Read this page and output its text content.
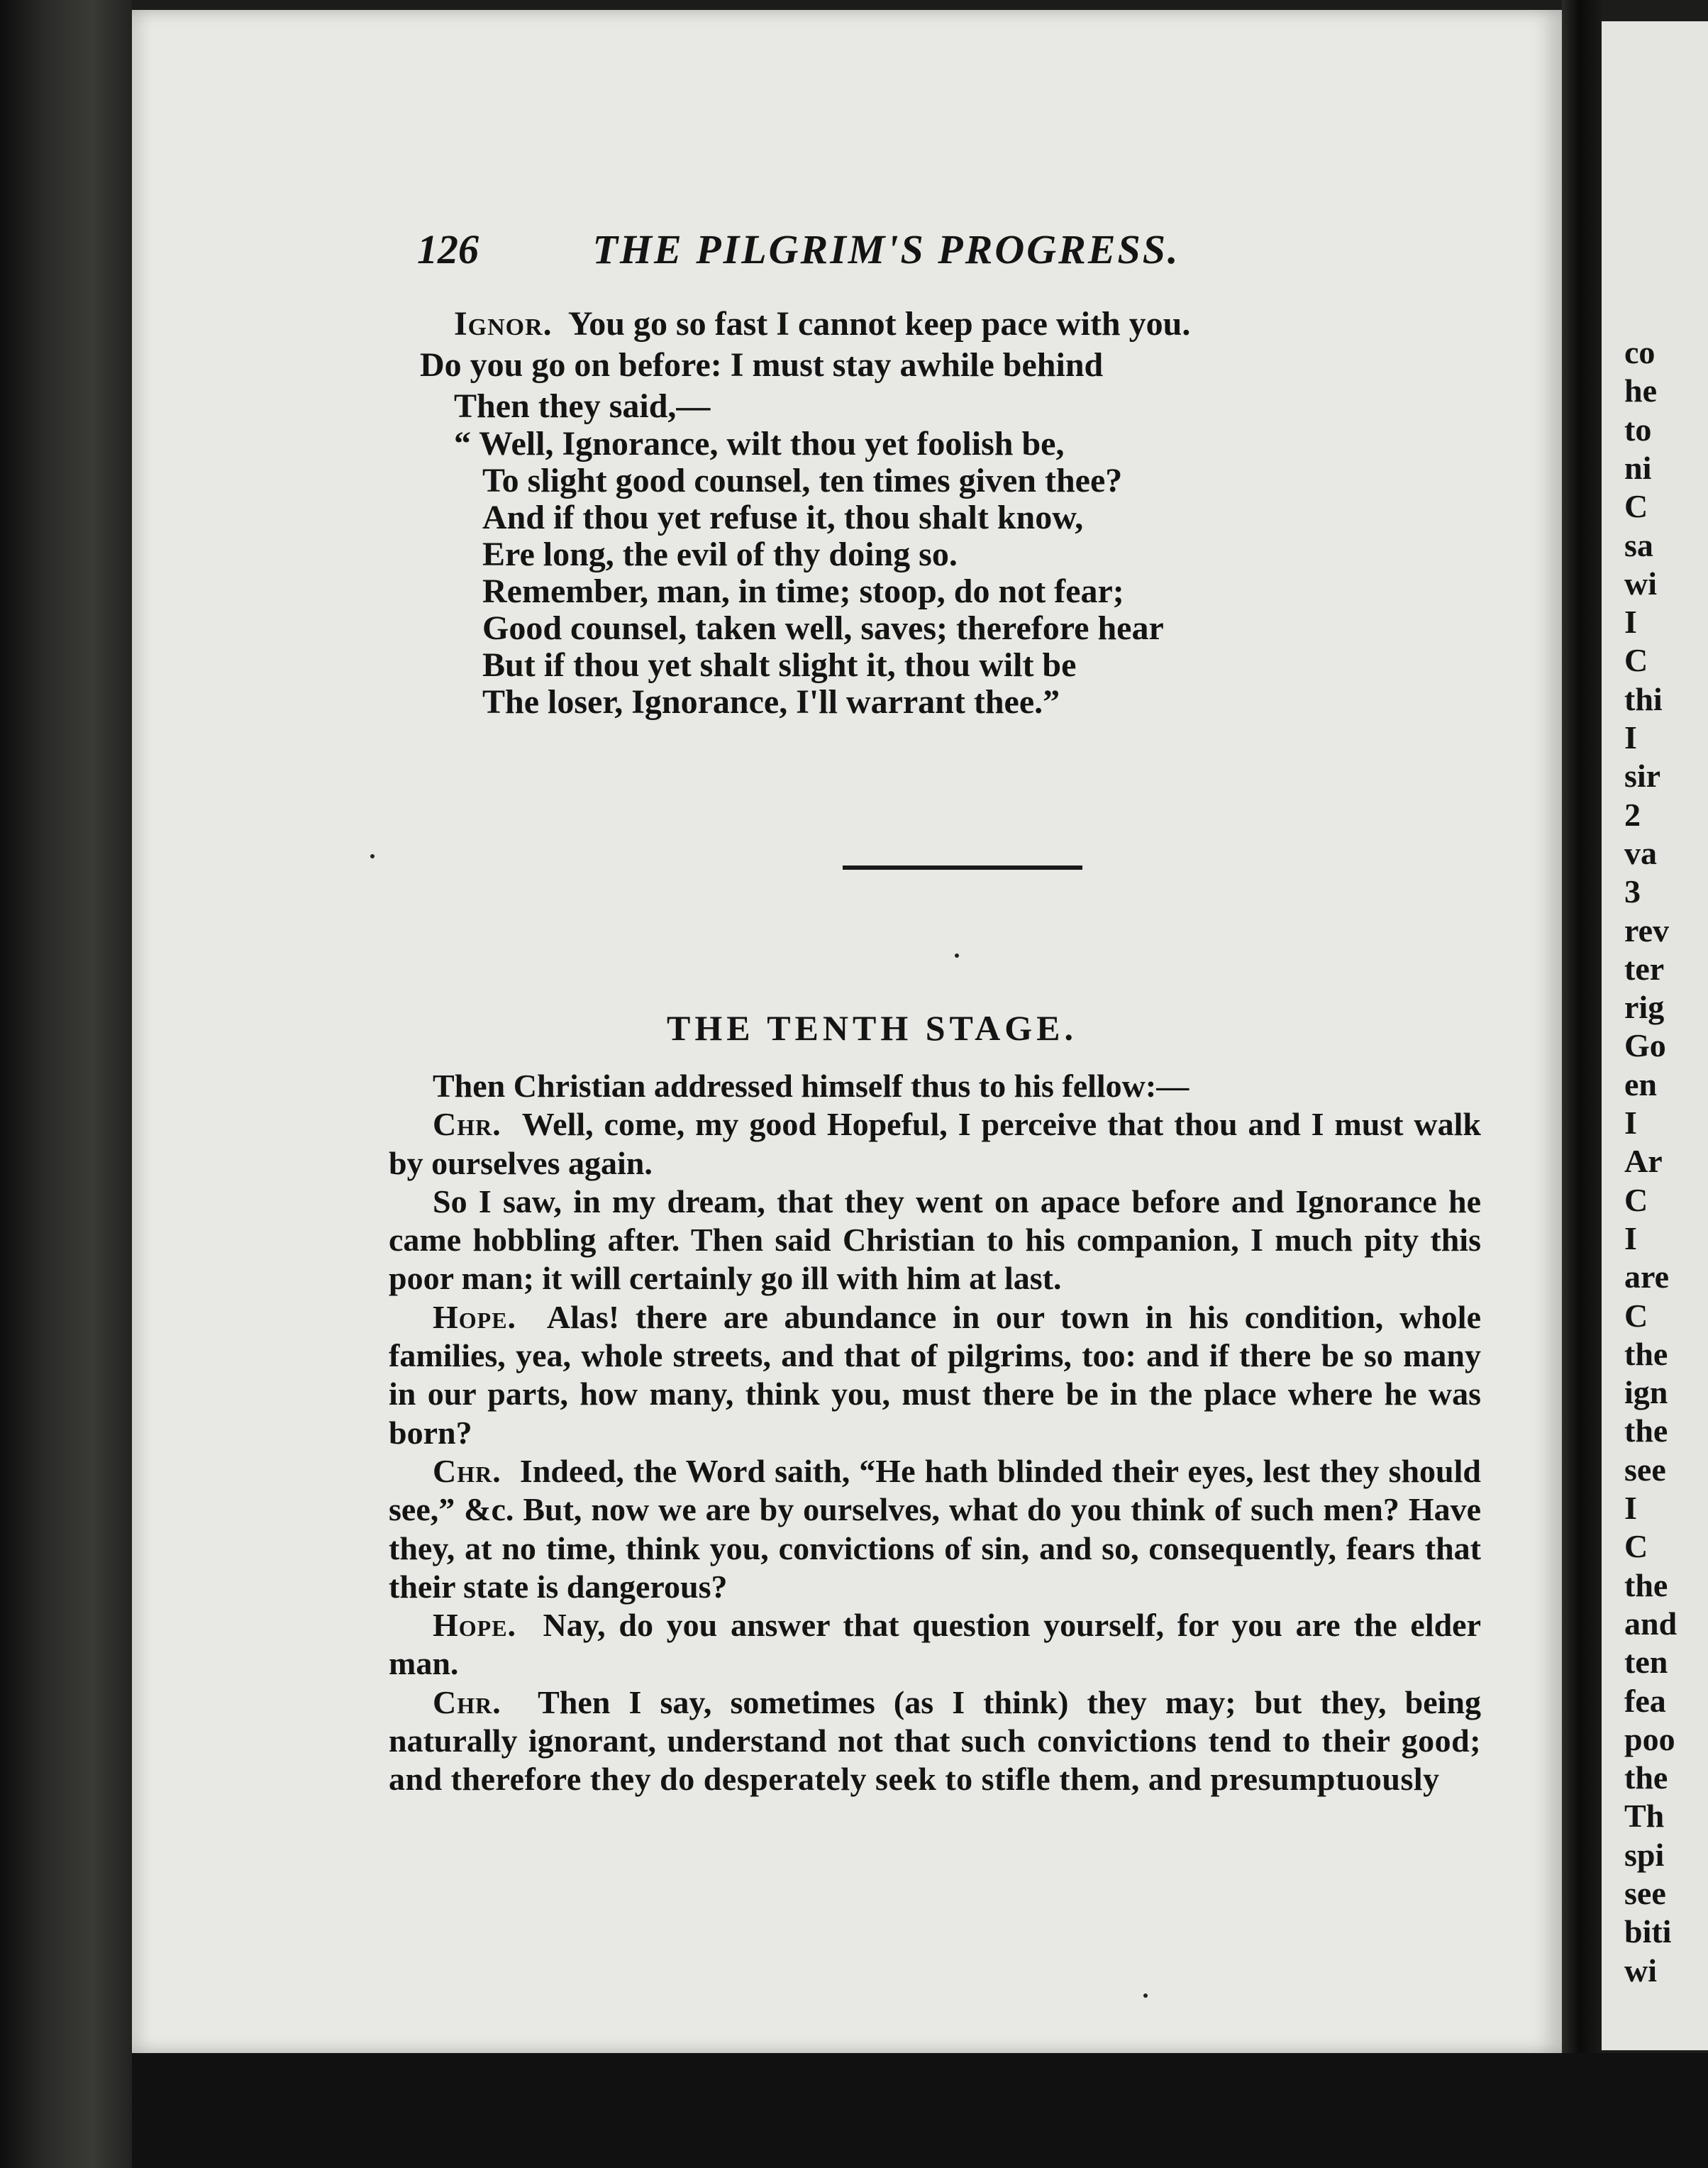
126	THE PILGRIM'S PROGRESS.
Ignor. You go so fast I cannot keep pace with you.
Do you go on before: I must stay awhile behind
Then they said,—
“ Well, Ignorance, wilt thou yet foolish be,
To slight good counsel, ten times given thee?
And if thou yet refuse it, thou shalt know,
Ere long, the evil of thy doing so.
Remember, man, in time; stoop, do not fear;
Good counsel, taken well, saves; therefore hear
But if thou yet shalt slight it, thou wilt be
The loser, Ignorance, I'll warrant thee.”
THE TENTH STAGE.

Then Christian addressed himself thus to his fellow:—

Chr. Well, come, my good Hopeful, I perceive that thou and I must walk by ourselves again.

So I saw, in my dream, that they went on apace before and Ignorance he came hobbling after. Then said Christian to his companion, I much pity this poor man; it will certainly go ill with him at last.

Hope. Alas! there are abundance in our town in his condition, whole families, yea, whole streets, and that of pilgrims, too: and if there be so many in our parts, how many, think you, must there be in the place where he was born?

Chr. Indeed, the Word saith, “He hath blinded their eyes, lest they should see,” &c. But, now we are by ourselves, what do you think of such men? Have they, at no time, think you, convictions of sin, and so, consequently, fears that their state is dangerous?

Hope. Nay, do you answer that question yourself, for you are the elder man.

Chr. Then I say, sometimes (as I think) they may; but they, being naturally ignorant, understand not that such convictions tend to their good; and therefore they do desperately seek to stifle them, and presumptuously

co
he
to
ni
C
sa
wi
I
C
thi
I
sir
2
va
3
rev
ter
rig
Go
en
I
Ar
C
I
are
C
the
ign
the
see
I
C
the
and
ten
fea
poo
the
Th
spi
see
biti
wi
